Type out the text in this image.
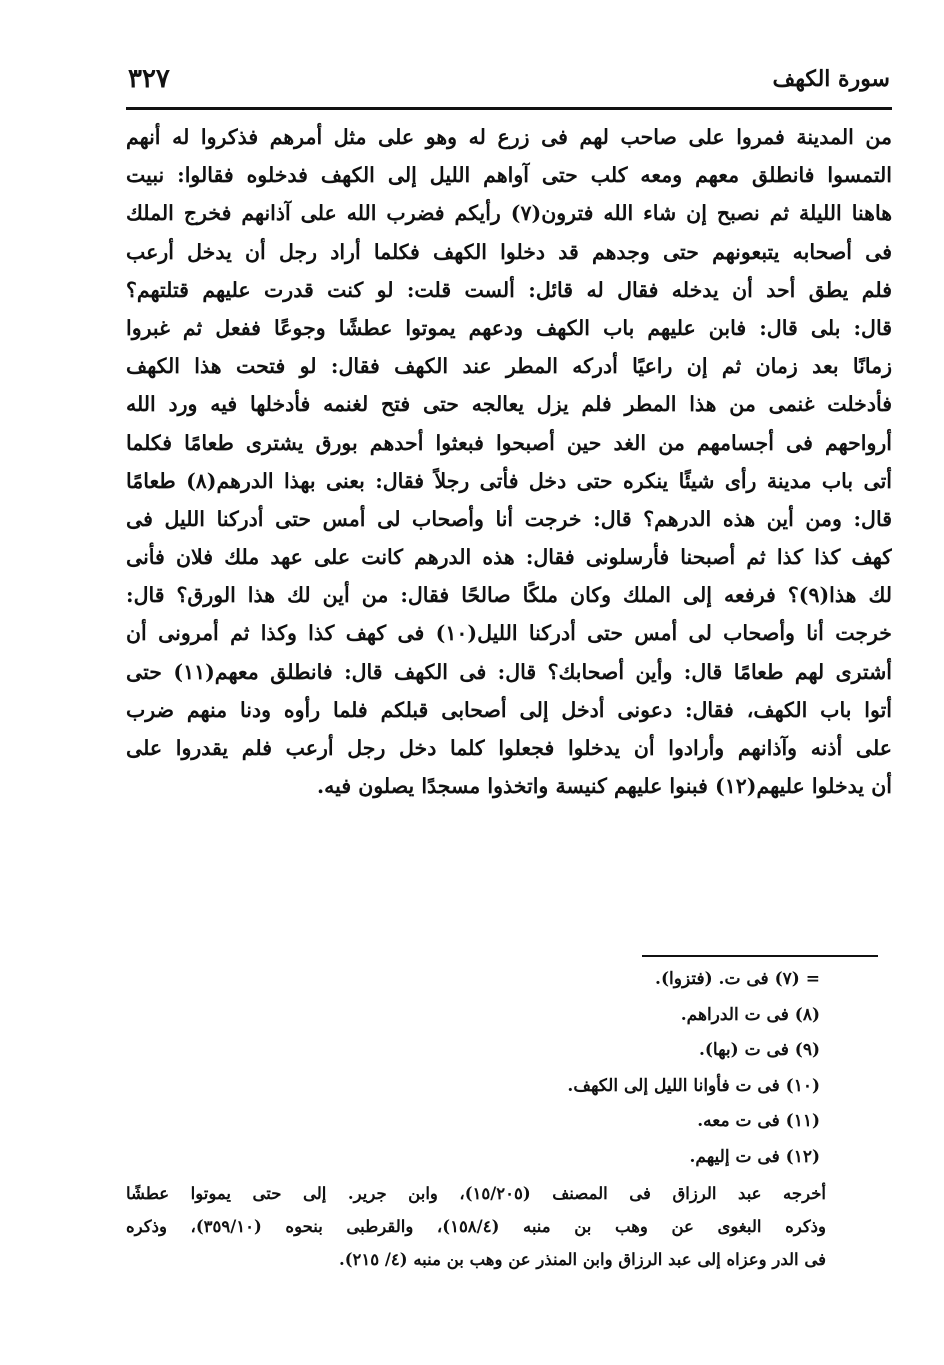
سورة الكهف
٣٢٧
من المدينة فمروا على صاحب لهم فى زرع له وهو على مثل أمرهم فذكروا له أنهم
التمسوا فانطلق معهم ومعه كلب حتى آواهم الليل إلى الكهف فدخلوه فقالوا: نبيت
هاهنا الليلة ثم نصبح إن شاء الله فترون(٧) رأيكم فضرب الله على آذانهم فخرج الملك
فى أصحابه يتبعونهم حتى وجدهم قد دخلوا الكهف فكلما أراد رجل أن يدخل أرعب
فلم يطق أحد أن يدخله فقال له قائل: ألست قلت: لو كنت قدرت عليهم قتلتهم؟
قال: بلى قال: فابن عليهم باب الكهف ودعهم يموتوا عطشًا وجوعًا ففعل ثم غبروا
زمانًا بعد زمان ثم إن راعيًا أدركه المطر عند الكهف فقال: لو فتحت هذا الكهف
فأدخلت غنمى من هذا المطر فلم يزل يعالجه حتى فتح لغنمه فأدخلها فيه ورد الله
أرواحهم فى أجسامهم من الغد حين أصبحوا فبعثوا أحدهم بورق يشترى طعامًا فكلما
أتى باب مدينة رأى شيئًا ينكره حتى دخل فأتى رجلاً فقال: بعنى بهذا الدرهم(٨) طعامًا
قال: ومن أين هذه الدرهم؟ قال: خرجت أنا وأصحاب لى أمس حتى أدركنا الليل فى
كهف كذا كذا ثم أصبحنا فأرسلونى فقال: هذه الدرهم كانت على عهد ملك فلان فأنى
لك هذا(٩)؟ فرفعه إلى الملك وكان ملكًا صالحًا فقال: من أين لك هذا الورق؟ قال:
خرجت أنا وأصحاب لى أمس حتى أدركنا الليل(١٠) فى كهف كذا وكذا ثم أمرونى أن
أشترى لهم طعامًا قال: وأين أصحابك؟ قال: فى الكهف قال: فانطلق معهم(١١) حتى
أتوا باب الكهف، فقال: دعونى أدخل إلى أصحابى قبلكم فلما رأوه ودنا منهم ضرب
على أذنه وآذانهم وأرادوا أن يدخلوا فجعلوا كلما دخل رجل أرعب فلم يقدروا على
أن يدخلوا عليهم(١٢) فبنوا عليهم كنيسة واتخذوا مسجدًا يصلون فيه.
= (٧) فى ت. (فتزوا).
(٨) فى ت الدراهم.
(٩) فى ت (بها).
(١٠) فى ت فأوانا الليل إلى الكهف.
(١١) فى ت معه.
(١٢) فى ت إليهم.
أخرجه عبد الرزاق فى المصنف (١٥/٢٠٥)، وابن جرير. إلى حتى يموتوا عطشًا
وذكره البغوى عن وهب بن منبه (١٥٨/٤)، والقرطبى بنحوه (٣٥٩/١٠)، وذكره
فى الدر وعزاه إلى عبد الرزاق وابن المنذر عن وهب بن منبه (٤/ ٢١٥).
